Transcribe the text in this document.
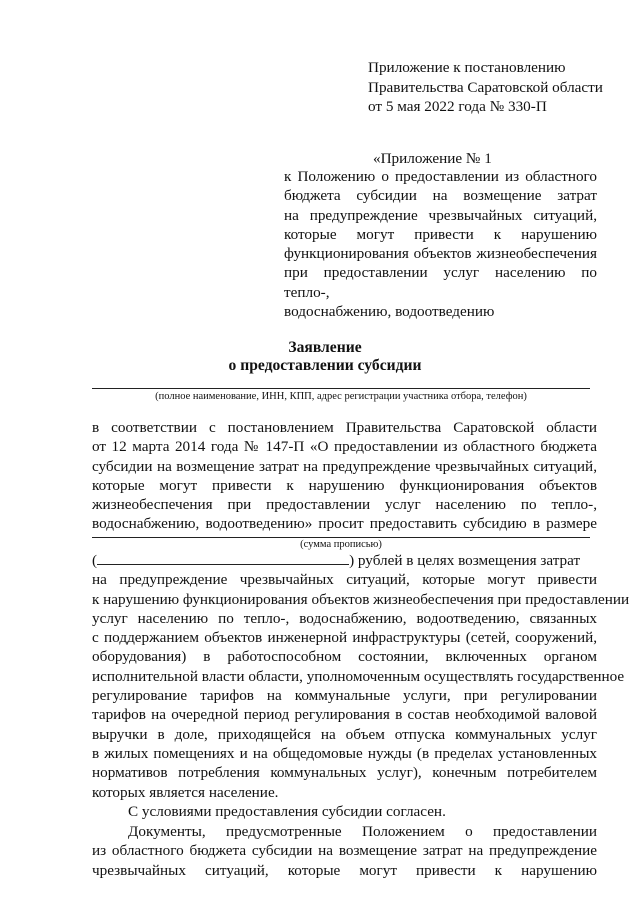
Приложение к постановлению
Правительства Саратовской области
от 5 мая 2022 года № 330-П
«Приложение № 1
к Положению о предоставлении из областного
бюджета субсидии на возмещение затрат
на предупреждение чрезвычайных ситуаций,
которые могут привести к нарушению
функционирования объектов жизнеобеспечения
при предоставлении услуг населению по тепло-,
водоснабжению, водоотведению
Заявление
о предоставлении субсидии
(полное наименование, ИНН, КПП, адрес регистрации участника отбора, телефон)
в соответствии с постановлением Правительства Саратовской области
от 12 марта 2014 года № 147-П «О предоставлении из областного бюджета
субсидии на возмещение затрат на предупреждение чрезвычайных ситуаций,
которые могут привести к нарушению функционирования объектов
жизнеобеспечения при предоставлении услуг населению по тепло-,
водоснабжению, водоотведению» просит предоставить субсидию в размере
(сумма прописью)
(	) рублей в целях возмещения затрат
на предупреждение чрезвычайных ситуаций, которые могут привести
к нарушению функционирования объектов жизнеобеспечения при предоставлении
услуг населению по тепло-, водоснабжению, водоотведению, связанных
с поддержанием объектов инженерной инфраструктуры (сетей, сооружений,
оборудования) в работоспособном состоянии, включенных органом
исполнительной власти области, уполномоченным осуществлять государственное
регулирование тарифов на коммунальные услуги, при регулировании
тарифов на очередной период регулирования в состав необходимой валовой
выручки в доле, приходящейся на объем отпуска коммунальных услуг
в жилых помещениях и на общедомовые нужды (в пределах установленных
нормативов потребления коммунальных услуг), конечным потребителем
которых является население.
С условиями предоставления субсидии согласен.
Документы, предусмотренные Положением о предоставлении
из областного бюджета субсидии на возмещение затрат на предупреждение
чрезвычайных ситуаций, которые могут привести к нарушению
